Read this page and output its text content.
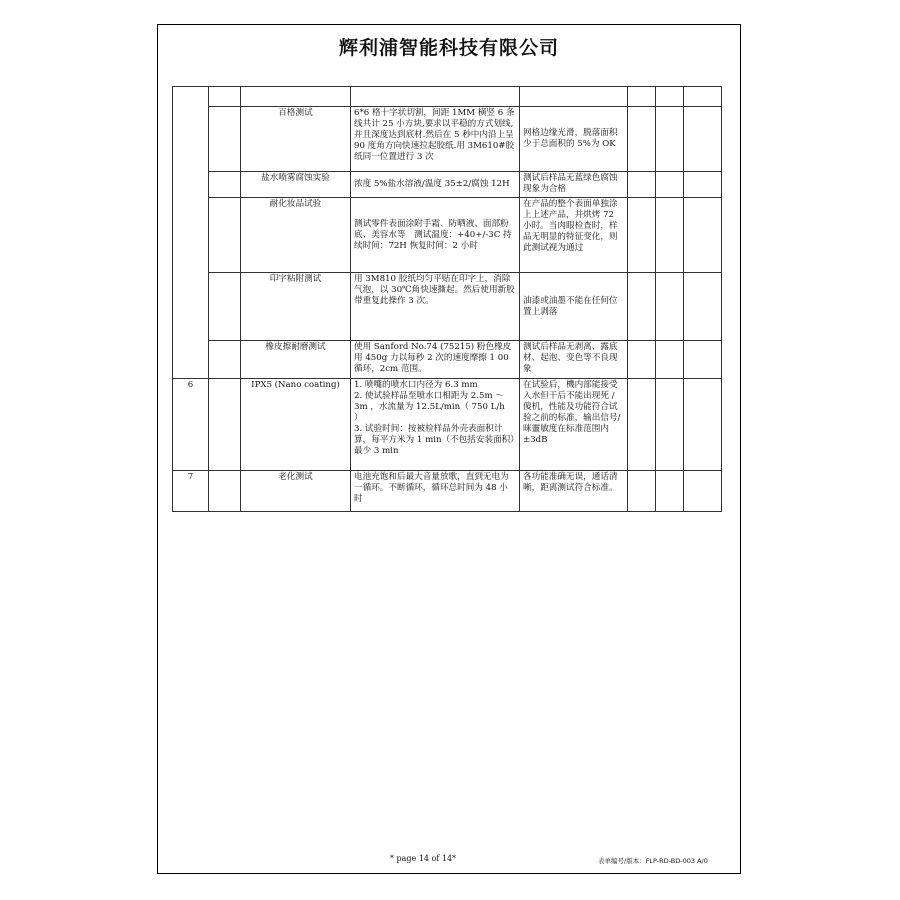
辉利浦智能科技有限公司

		百格测试	6*6 格十字状切割，间距 1MM 横竖 6 条线共计 25 小方块,要求以平稳的方式划线,并且深度达到底材.然后在 5 秒中内沿上呈 90 度角方向快速拉起胶纸.用 3M610#胶纸同一位置进行 3 次	网格边缘光滑，脱落面积少于总面积的 5%为 OK			
		盐水喷雾腐蚀实验	浓度 5%盐水溶液/温度 35±2/腐蚀 12H	测试后样品无蓝绿色腐蚀现象为合格			
		耐化妆品试验	测试零件表面涂附手霜、防晒液、面部粉底、美容水等　测试温度：+40+/-3C 持续时间：72H 恢复时间：2 小时	在产品的整个表面单独涂上上述产品，并烘烤 72 小时。当肉眼检查时，样品无明显的特征变化，则此测试视为通过			
		印字粘附测试	用 3M810 胶纸均匀平贴在印字上，消除气泡，以 30℃角快速撕起。然后使用新胶带重复此操作 3 次。	油漆或油墨不能在任何位置上剥落			
		橡皮擦耐磨测试	使用 Sanford No.74 (75215) 粉色橡皮用 450g 力以每秒 2 次的速度摩擦 1 00 循环，2cm 范围。	测试后样品无剥离、露底材、起泡、变色等不良现象			
6		IPX5 (Nano coating)	1. 喷嘴的喷水口内径为 6.3 mm
2. 使试验样品至喷水口相距为 2.5m ～ 3m ，水流量为 12.5L/min（ 750 L/h ）
3. 试验时间：按被检样品外壳表面积计算，每平方米为 1 min（不包括安装面积）最少 3 min	在试验后，機内部能接受入水但干后不能出现死 / 傻机，性能及功能符合试验之前的标准，输出信号/咪靈敏度在标准范围内±3dB			
7		老化测试	电池充饱和后最大音量放歌，直到无电为一循环。不断循环，循环总时间为 48 小时	各功能准确无误，通话清晰，距离测试符合标准。			
* page 14 of 14*	表单编号/版本：FLP-RD-BD-003 A/0
